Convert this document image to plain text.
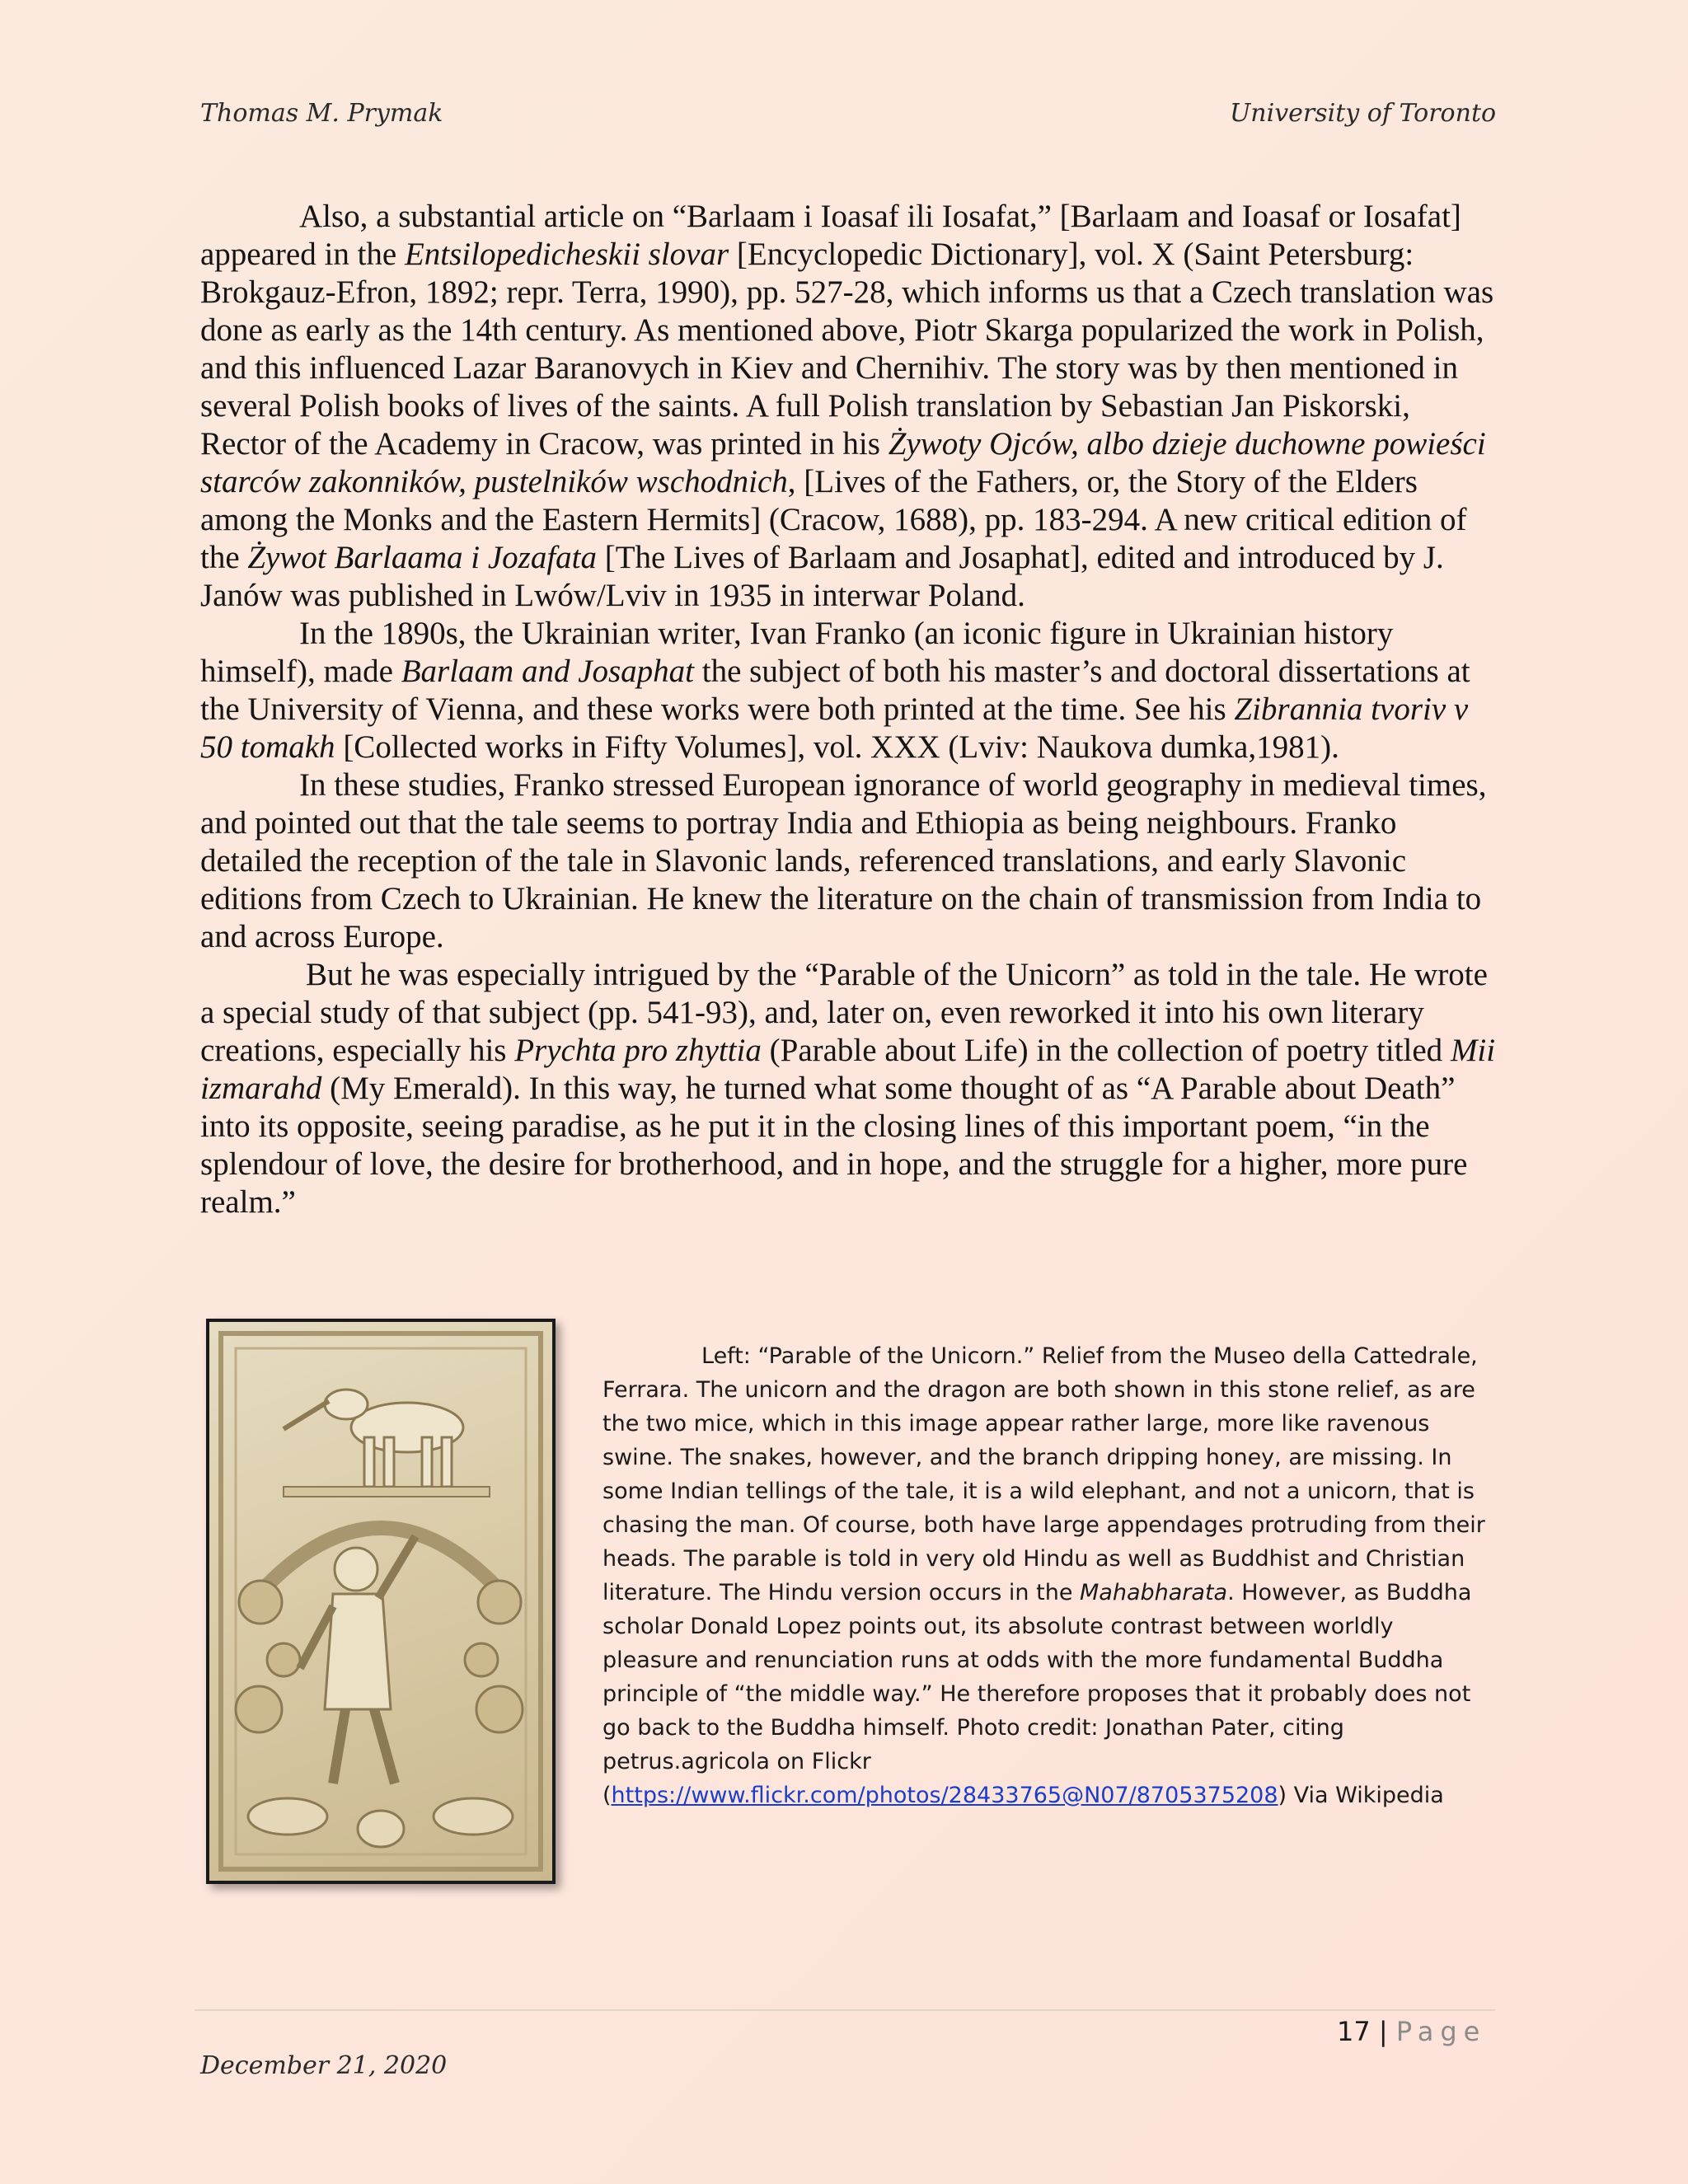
Thomas M. Prymak	University of Toronto

Also, a substantial article on “Barlaam i Ioasaf ili Iosafat,” [Barlaam and Ioasaf or Iosafat] appeared in the Entsilopedicheskii slovar [Encyclopedic Dictionary], vol. X (Saint Petersburg: Brokgauz-Efron, 1892; repr. Terra, 1990), pp. 527-28, which informs us that a Czech translation was done as early as the 14th century. As mentioned above, Piotr Skarga popularized the work in Polish, and this influenced Lazar Baranovych in Kiev and Chernihiv. The story was by then mentioned in several Polish books of lives of the saints. A full Polish translation by Sebastian Jan Piskorski, Rector of the Academy in Cracow, was printed in his Żywoty Ojców, albo dzieje duchowne powieści starców zakonników, pustelników wschodnich, [Lives of the Fathers, or, the Story of the Elders among the Monks and the Eastern Hermits] (Cracow, 1688), pp. 183-294. A new critical edition of the Żywot Barlaama i Jozafata [The Lives of Barlaam and Josaphat], edited and introduced by J. Janów was published in Lwów/Lviv in 1935 in interwar Poland.

In the 1890s, the Ukrainian writer, Ivan Franko (an iconic figure in Ukrainian history himself), made Barlaam and Josaphat the subject of both his master’s and doctoral dissertations at the University of Vienna, and these works were both printed at the time. See his Zibrannia tvoriv v 50 tomakh [Collected works in Fifty Volumes], vol. XXX (Lviv: Naukova dumka,1981).

In these studies, Franko stressed European ignorance of world geography in medieval times, and pointed out that the tale seems to portray India and Ethiopia as being neighbours. Franko detailed the reception of the tale in Slavonic lands, referenced translations, and early Slavonic editions from Czech to Ukrainian. He knew the literature on the chain of transmission from India to and across Europe.

But he was especially intrigued by the “Parable of the Unicorn” as told in the tale. He wrote a special study of that subject (pp. 541-93), and, later on, even reworked it into his own literary creations, especially his Prychta pro zhyttia (Parable about Life) in the collection of poetry titled Mii izmarahd (My Emerald). In this way, he turned what some thought of as “A Parable about Death” into its opposite, seeing paradise, as he put it in the closing lines of this important poem, “in the splendour of love, the desire for brotherhood, and in hope, and the struggle for a higher, more pure realm.”

Left: “Parable of the Unicorn.” Relief from the Museo della Cattedrale, Ferrara. The unicorn and the dragon are both shown in this stone relief, as are the two mice, which in this image appear rather large, more like ravenous swine. The snakes, however, and the branch dripping honey, are missing. In some Indian tellings of the tale, it is a wild elephant, and not a unicorn, that is chasing the man. Of course, both have large appendages protruding from their heads. The parable is told in very old Hindu as well as Buddhist and Christian literature. The Hindu version occurs in the Mahabharata. However, as Buddha scholar Donald Lopez points out, its absolute contrast between worldly pleasure and renunciation runs at odds with the more fundamental Buddha principle of “the middle way.” He therefore proposes that it probably does not go back to the Buddha himself. Photo credit: Jonathan Pater, citing petrus.agricola on Flickr (https://www.flickr.com/photos/28433765@N07/8705375208) Via Wikipedia

17 | Page
December 21, 2020
